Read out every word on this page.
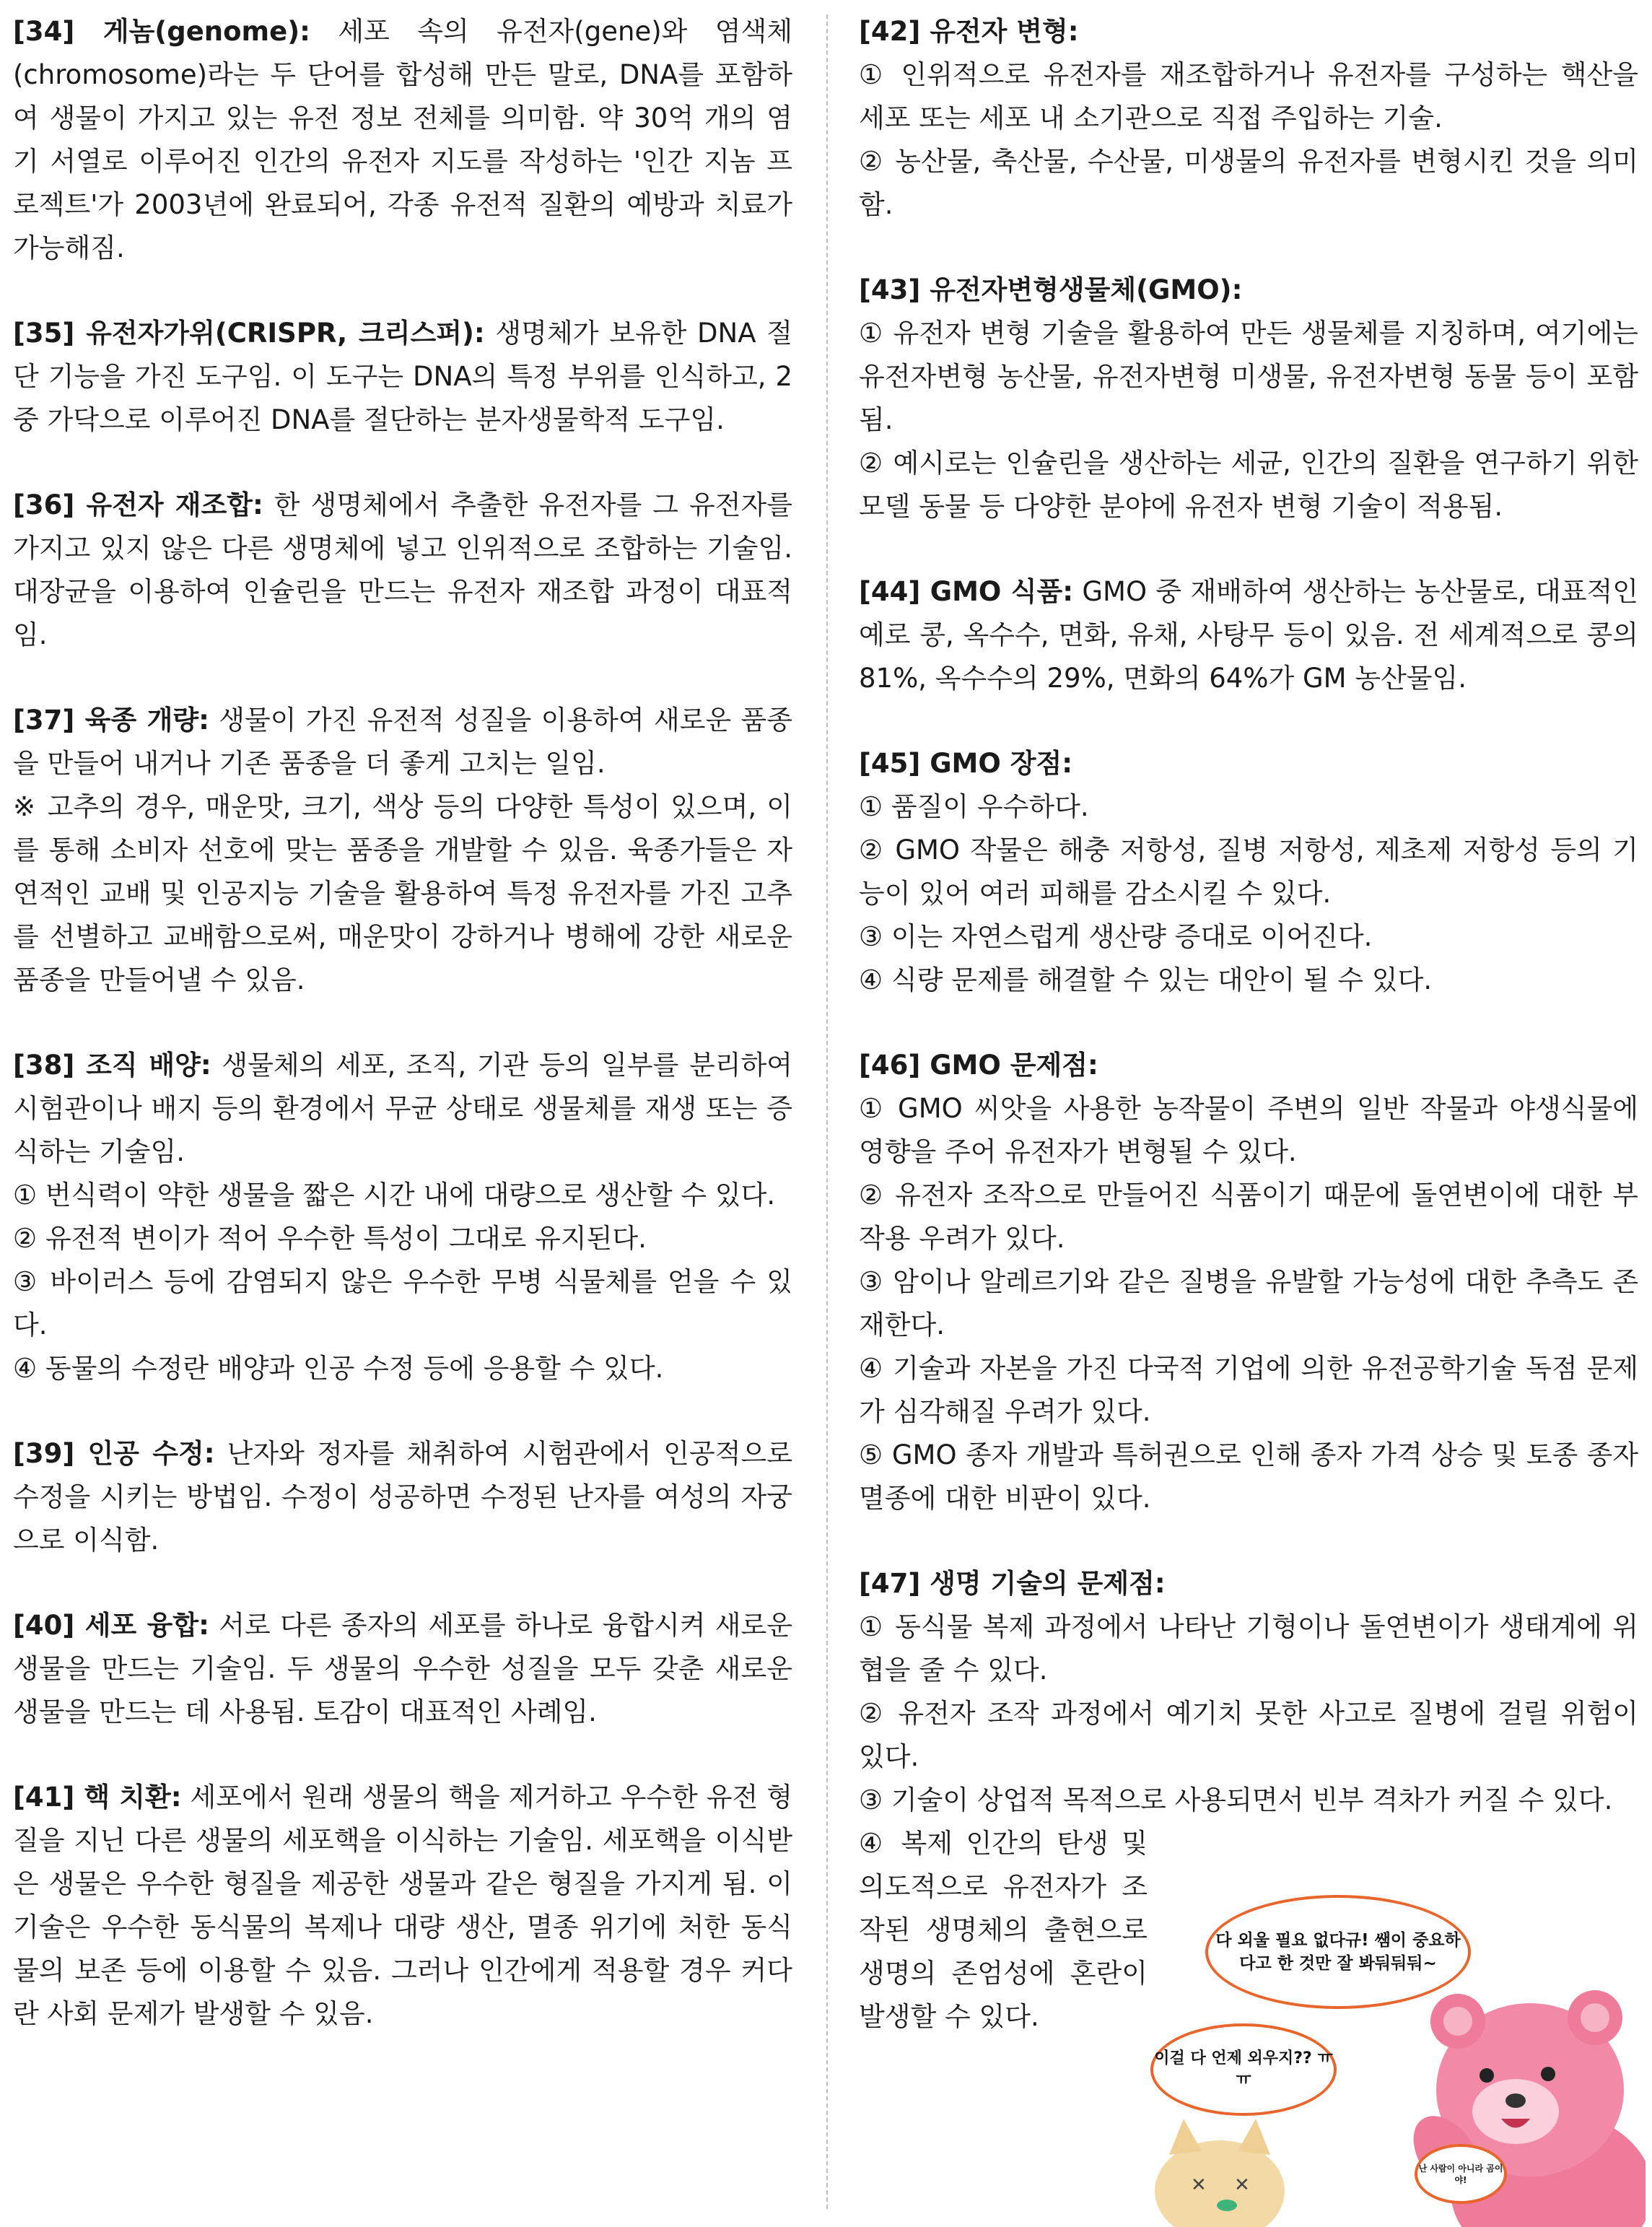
[34] 게놈(genome): 세포 속의 유전자(gene)와 염색체 (chromosome)라는 두 단어를 합성해 만든 말로, DNA를 포함하여 생물이 가지고 있는 유전 정보 전체를 의미함. 약 30억 개의 염기 서열로 이루어진 인간의 유전자 지도를 작성하는 '인간 지놈 프로젝트'가 2003년에 완료되어, 각종 유전적 질환의 예방과 치료가 가능해짐.

[35] 유전자가위(CRISPR, 크리스퍼): 생명체가 보유한 DNA 절단 기능을 가진 도구임. 이 도구는 DNA의 특정 부위를 인식하고, 2중 가닥으로 이루어진 DNA를 절단하는 분자생물학적 도구임.

[36] 유전자 재조합: 한 생명체에서 추출한 유전자를 그 유전자를 가지고 있지 않은 다른 생명체에 넣고 인위적으로 조합하는 기술임. 대장균을 이용하여 인슐린을 만드는 유전자 재조합 과정이 대표적임.

[37] 육종 개량: 생물이 가진 유전적 성질을 이용하여 새로운 품종을 만들어 내거나 기존 품종을 더 좋게 고치는 일임.

※ 고추의 경우, 매운맛, 크기, 색상 등의 다양한 특성이 있으며, 이를 통해 소비자 선호에 맞는 품종을 개발할 수 있음. 육종가들은 자연적인 교배 및 인공지능 기술을 활용하여 특정 유전자를 가진 고추를 선별하고 교배함으로써, 매운맛이 강하거나 병해에 강한 새로운 품종을 만들어낼 수 있음.

[38] 조직 배양: 생물체의 세포, 조직, 기관 등의 일부를 분리하여 시험관이나 배지 등의 환경에서 무균 상태로 생물체를 재생 또는 증식하는 기술임.

① 번식력이 약한 생물을 짧은 시간 내에 대량으로 생산할 수 있다.

② 유전적 변이가 적어 우수한 특성이 그대로 유지된다.

③ 바이러스 등에 감염되지 않은 우수한 무병 식물체를 얻을 수 있다.

④ 동물의 수정란 배양과 인공 수정 등에 응용할 수 있다.

[39] 인공 수정: 난자와 정자를 채취하여 시험관에서 인공적으로 수정을 시키는 방법임. 수정이 성공하면 수정된 난자를 여성의 자궁으로 이식함.

[40] 세포 융합: 서로 다른 종자의 세포를 하나로 융합시켜 새로운 생물을 만드는 기술임. 두 생물의 우수한 성질을 모두 갖춘 새로운 생물을 만드는 데 사용됨. 토감이 대표적인 사례임.

[41] 핵 치환: 세포에서 원래 생물의 핵을 제거하고 우수한 유전 형질을 지닌 다른 생물의 세포핵을 이식하는 기술임. 세포핵을 이식받은 생물은 우수한 형질을 제공한 생물과 같은 형질을 가지게 됨. 이 기술은 우수한 동식물의 복제나 대량 생산, 멸종 위기에 처한 동식물의 보존 등에 이용할 수 있음. 그러나 인간에게 적용할 경우 커다란 사회 문제가 발생할 수 있음.

[42] 유전자 변형:

① 인위적으로 유전자를 재조합하거나 유전자를 구성하는 핵산을 세포 또는 세포 내 소기관으로 직접 주입하는 기술.

② 농산물, 축산물, 수산물, 미생물의 유전자를 변형시킨 것을 의미함.

[43] 유전자변형생물체(GMO):

① 유전자 변형 기술을 활용하여 만든 생물체를 지칭하며, 여기에는 유전자변형 농산물, 유전자변형 미생물, 유전자변형 동물 등이 포함됨.

② 예시로는 인슐린을 생산하는 세균, 인간의 질환을 연구하기 위한 모델 동물 등 다양한 분야에 유전자 변형 기술이 적용됨.

[44] GMO 식품: GMO 중 재배하여 생산하는 농산물로, 대표적인 예로 콩, 옥수수, 면화, 유채, 사탕무 등이 있음. 전 세계적으로 콩의 81%, 옥수수의 29%, 면화의 64%가 GM 농산물임.

[45] GMO 장점:

① 품질이 우수하다.

② GMO 작물은 해충 저항성, 질병 저항성, 제초제 저항성 등의 기능이 있어 여러 피해를 감소시킬 수 있다.

③ 이는 자연스럽게 생산량 증대로 이어진다.

④ 식량 문제를 해결할 수 있는 대안이 될 수 있다.

[46] GMO 문제점:

① GMO 씨앗을 사용한 농작물이 주변의 일반 작물과 야생식물에 영향을 주어 유전자가 변형될 수 있다.

② 유전자 조작으로 만들어진 식품이기 때문에 돌연변이에 대한 부작용 우려가 있다.

③ 암이나 알레르기와 같은 질병을 유발할 가능성에 대한 추측도 존재한다.

④ 기술과 자본을 가진 다국적 기업에 의한 유전공학기술 독점 문제가 심각해질 우려가 있다.

⑤ GMO 종자 개발과 특허권으로 인해 종자 가격 상승 및 토종 종자 멸종에 대한 비판이 있다.

[47] 생명 기술의 문제점:

① 동식물 복제 과정에서 나타난 기형이나 돌연변이가 생태계에 위협을 줄 수 있다.

② 유전자 조작 과정에서 예기치 못한 사고로 질병에 걸릴 위험이 있다.

③ 기술이 상업적 목적으로 사용되면서 빈부 격차가 커질 수 있다.

④ 복제 인간의 탄생 및 의도적으로 유전자가 조작된 생명체의 출현으로 생명의 존엄성에 혼란이 발생할 수 있다.

✕ ✕
다 외울 필요 없다규! 쌤이 중요하다고 한 것만 잘 봐둬둬둬~
이걸 다 언제 외우지?? ㅠㅠ
난 사람이 아니라 곰이야!
